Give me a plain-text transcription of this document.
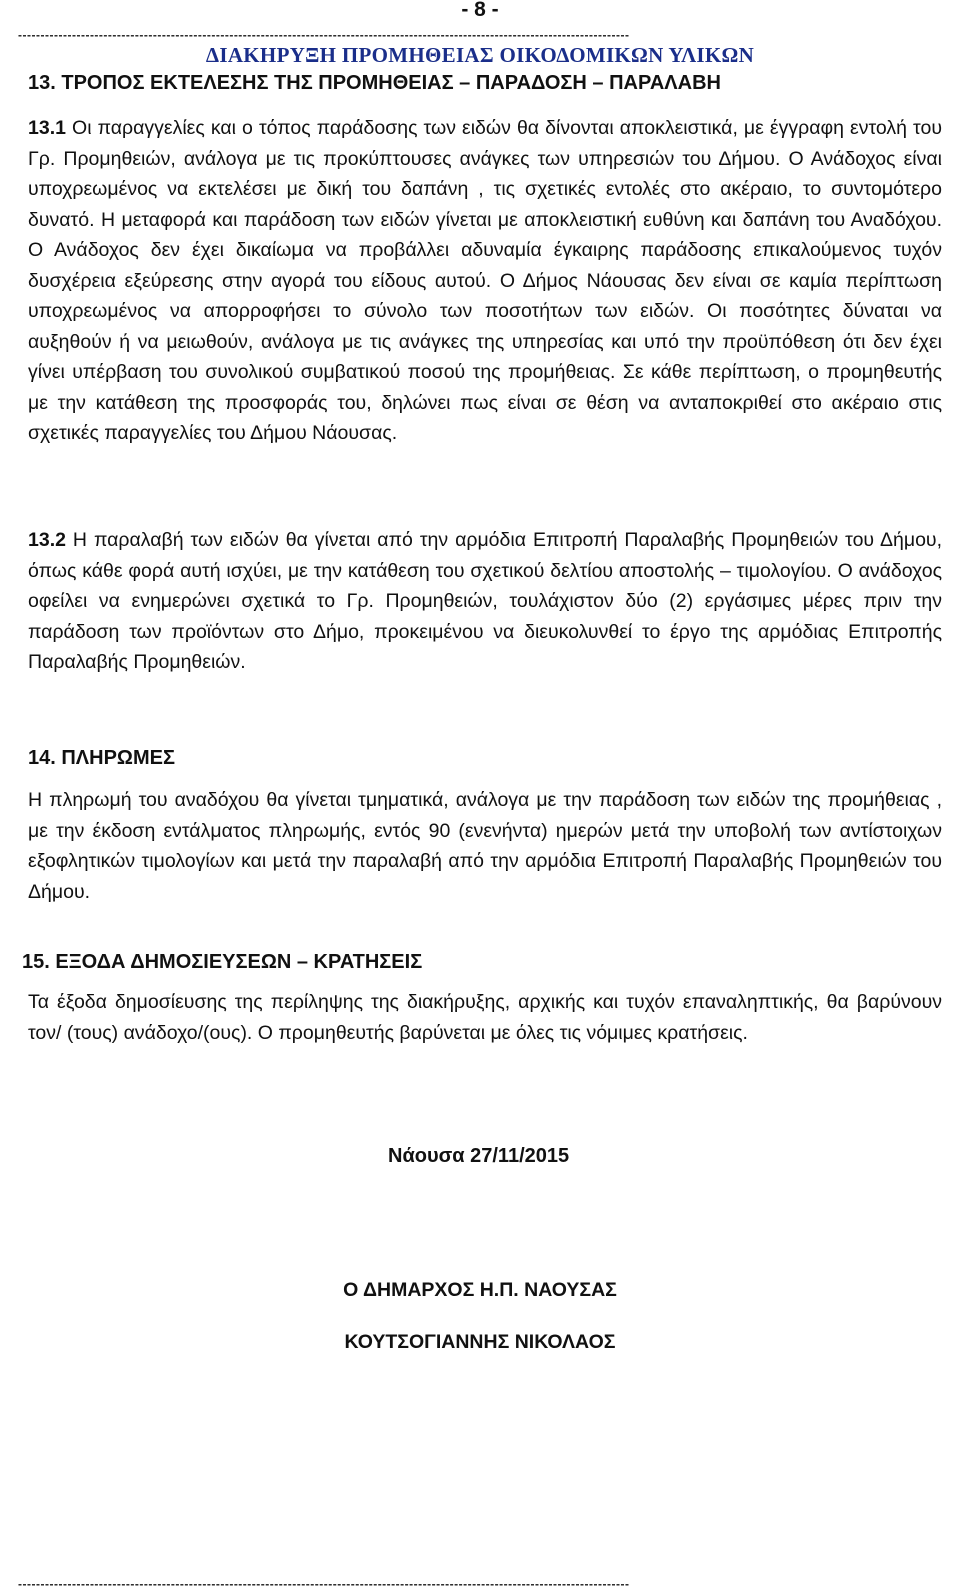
- 8 -
----------------------------------------------------------------------------------------------------------------------------------------
ΔΙΑΚΗΡΥΞΗ ΠΡΟΜΗΘΕΙΑΣ ΟΙΚΟΔΟΜΙΚΩΝ ΥΛΙΚΩΝ
13. ΤΡΟΠΟΣ ΕΚΤΕΛΕΣΗΣ ΤΗΣ ΠΡΟΜΗΘΕΙΑΣ – ΠΑΡΑΔΟΣΗ – ΠΑΡΑΛΑΒΗ

13.1 Οι παραγγελίες και ο τόπος παράδοσης των ειδών θα δίνονται αποκλειστικά, με έγγραφη εντολή του Γρ. Προμηθειών, ανάλογα με τις προκύπτουσες ανάγκες των υπηρεσιών του Δήμου. Ο Ανάδοχος είναι υποχρεωμένος να εκτελέσει με δική του δαπάνη , τις σχετικές εντολές στο ακέραιο, το συντομότερο δυνατό. Η μεταφορά και παράδοση των ειδών γίνεται με αποκλειστική ευθύνη και δαπάνη του Αναδόχου. Ο Ανάδοχος δεν έχει δικαίωμα να προβάλλει αδυναμία έγκαιρης παράδοσης επικαλούμενος τυχόν δυσχέρεια εξεύρεσης στην αγορά του είδους αυτού. Ο Δήμος Νάουσας δεν είναι σε καμία περίπτωση υποχρεωμένος να απορροφήσει το σύνολο των ποσοτήτων των ειδών. Οι ποσότητες δύναται να αυξηθούν ή να μειωθούν, ανάλογα με τις ανάγκες της υπηρεσίας και υπό την προϋπόθεση ότι δεν έχει γίνει υπέρβαση του συνολικού συμβατικού ποσού της προμήθειας. Σε κάθε περίπτωση, ο προμηθευτής με την κατάθεση της προσφοράς του, δηλώνει πως είναι σε θέση να ανταποκριθεί στο ακέραιο στις σχετικές παραγγελίες του Δήμου Νάουσας.

13.2 Η παραλαβή των ειδών θα γίνεται από την αρμόδια Επιτροπή Παραλαβής Προμηθειών του Δήμου, όπως κάθε φορά αυτή ισχύει, με την κατάθεση του σχετικού δελτίου αποστολής – τιμολογίου. Ο ανάδοχος οφείλει να ενημερώνει σχετικά το Γρ. Προμηθειών, τουλάχιστον δύο (2) εργάσιμες μέρες πριν την παράδοση των προϊόντων στο Δήμο, προκειμένου να διευκολυνθεί το έργο της αρμόδιας Επιτροπής Παραλαβής Προμηθειών.

14. ΠΛΗΡΩΜΕΣ

Η πληρωμή του αναδόχου θα γίνεται τμηματικά, ανάλογα με την παράδοση των ειδών της προμήθειας , με την έκδοση εντάλματος πληρωμής, εντός 90 (ενενήντα) ημερών μετά την υποβολή των αντίστοιχων εξοφλητικών τιμολογίων και μετά την παραλαβή από την αρμόδια Επιτροπή Παραλαβής Προμηθειών του Δήμου.

15. ΕΞΟΔΑ ΔΗΜΟΣΙΕΥΣΕΩΝ – ΚΡΑΤΗΣΕΙΣ

Τα έξοδα δημοσίευσης της περίληψης της διακήρυξης, αρχικής και τυχόν επαναληπτικής, θα βαρύνουν τον/ (τους) ανάδοχο/(ους). Ο προμηθευτής βαρύνεται με όλες τις νόμιμες κρατήσεις.

Νάουσα 27/11/2015
Ο ΔΗΜΑΡΧΟΣ Η.Π. ΝΑΟΥΣΑΣ
ΚΟΥΤΣΟΓΙΑΝΝΗΣ ΝΙΚΟΛΑΟΣ
----------------------------------------------------------------------------------------------------------------------------------------
